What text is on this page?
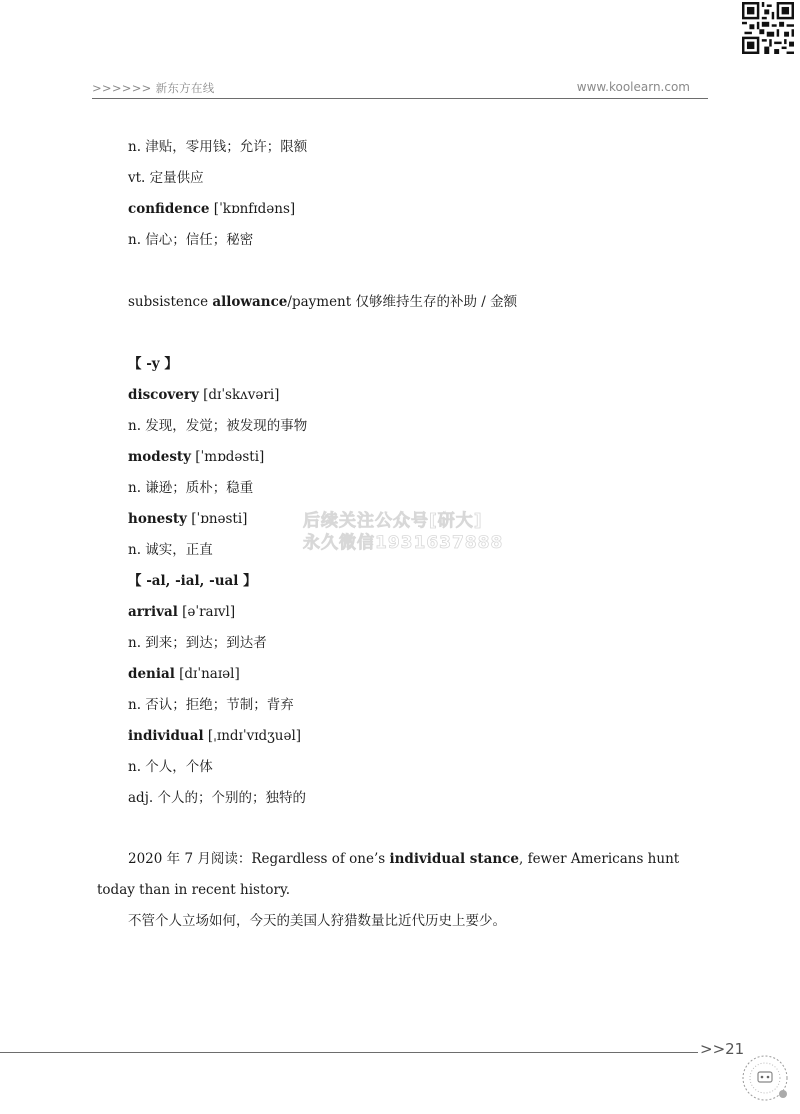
>>>>>> 新东方在线	www.koolearn.com
n. 津贴，零用钱；允许；限额
vt. 定量供应
confidence [ˈkɒnfɪdəns]
n. 信心；信任；秘密
subsistence allowance/payment 仅够维持生存的补助 / 金额
【 -y 】
discovery [dɪˈskʌvəri]
n. 发现，发觉；被发现的事物
modesty [ˈmɒdəsti]
n. 谦逊；质朴；稳重
honesty [ˈɒnəsti]
n. 诚实，正直
【 -al, -ial, -ual 】
arrival [əˈraɪvl]
n. 到来；到达；到达者
denial [dɪˈnaɪəl]
n. 否认；拒绝；节制；背弃
individual [ˌɪndɪˈvɪdʒuəl]
n. 个人，个体
adj. 个人的；个别的；独特的
后续关注公众号[研大]
永久微信1931637888
2020 年 7 月阅读：Regardless of one’s individual stance, fewer Americans hunt today than in recent history.
不管个人立场如何，今天的美国人狩猎数量比近代历史上要少。
>>21
